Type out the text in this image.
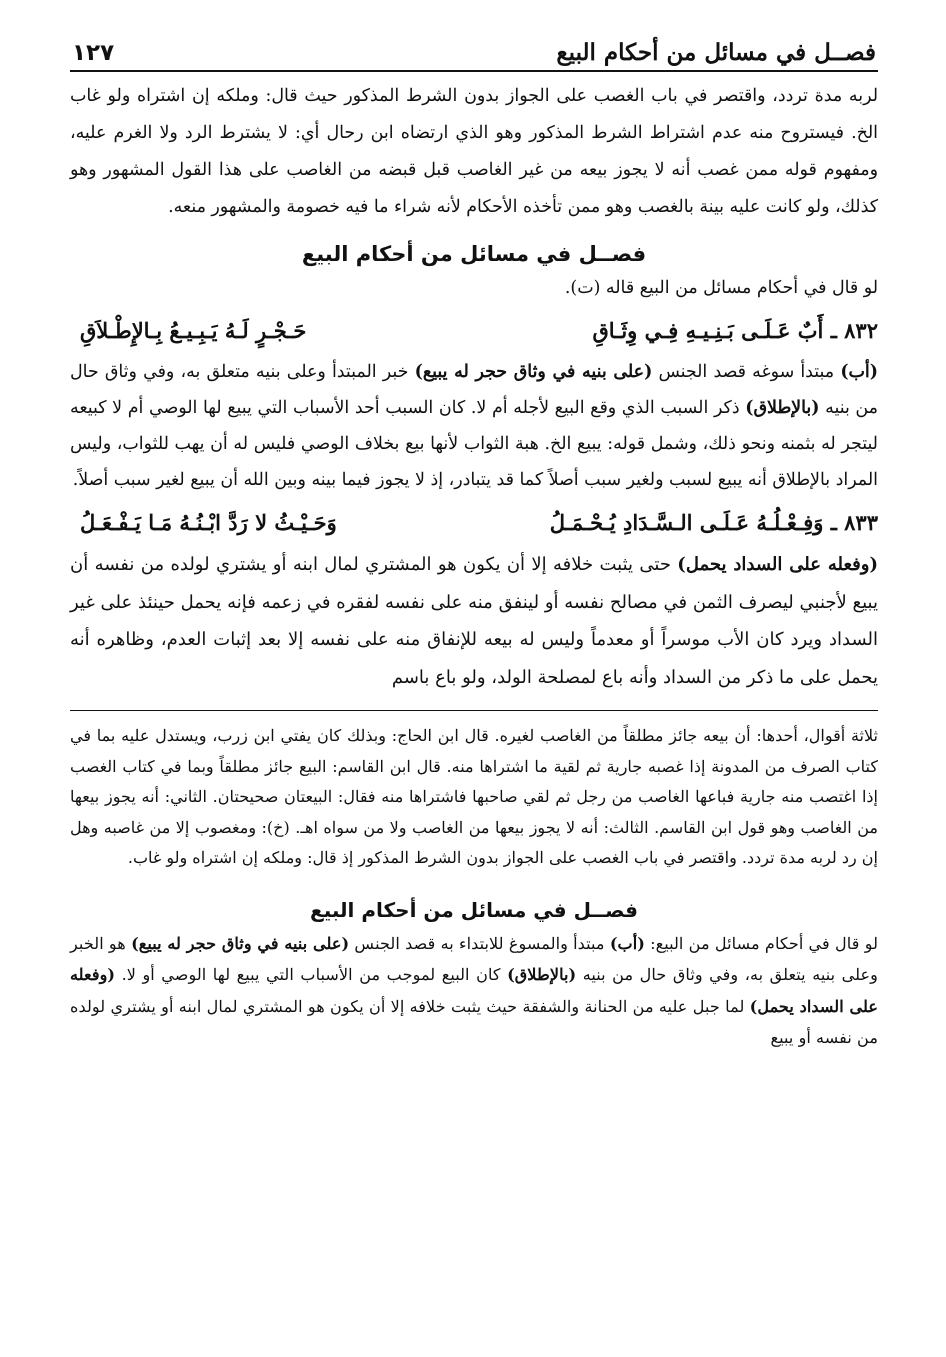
فصــل في مسائل من أحكام البيع
١٢٧

لربه مدة تردد، واقتصر في باب الغصب على الجواز بدون الشرط المذكور حيث قال: وملكه إن اشتراه ولو غاب الخ. فيستروح منه عدم اشتراط الشرط المذكور وهو الذي ارتضاه ابن رحال أي: لا يشترط الرد ولا الغرم عليه، ومفهوم قوله ممن غصب أنه لا يجوز بيعه من غير الغاصب قبل قبضه من الغاصب على هذا القول المشهور وهو كذلك، ولو كانت عليه بينة بالغصب وهو ممن تأخذه الأحكام لأنه شراء ما فيه خصومة والمشهور منعه.

فصــل في مسائل من أحكام البيع

لو قال في أحكام مسائل من البيع قاله (ت).

٨٣٢ ـ أَبٌ عَـلَـى بَـنِـيـهِ فِـي وِثَـاقِ
حَـجْـرٍ لَـهُ يَـبِـيـعُ بِـالإِطْـلاَقِ

(أب) مبتدأ سوغه قصد الجنس (على بنيه في وثاق حجر له يبيع) خبر المبتدأ وعلى بنيه متعلق به، وفي وثاق حال من بنيه (بالإطلاق) ذكر السبب الذي وقع البيع لأجله أم لا. كان السبب أحد الأسباب التي يبيع لها الوصي أم لا كبيعه ليتجر له بثمنه ونحو ذلك، وشمل قوله: يبيع الخ. هبة الثواب لأنها بيع بخلاف الوصي فليس له أن يهب للثواب، وليس المراد بالإطلاق أنه يبيع لسبب ولغير سبب أصلاً كما قد يتبادر، إذ لا يجوز فيما بينه وبين الله أن يبيع لغير سبب أصلاً.

٨٣٣ ـ وَفِـعْـلُـهُ عَـلَـى الـسَّـدَادِ يُـحْـمَـلُ
وَحَـيْـثُ لا رَدَّ ابْـنُـهُ مَـا يَـفْـعَـلُ

(وفعله على السداد يحمل) حتى يثبت خلافه إلا أن يكون هو المشتري لمال ابنه أو يشتري لولده من نفسه أن يبيع لأجنبي ليصرف الثمن في مصالح نفسه أو لينفق منه على نفسه لفقره في زعمه فإنه يحمل حينئذ على غير السداد ويرد كان الأب موسراً أو معدماً وليس له بيعه للإنفاق منه على نفسه إلا بعد إثبات العدم، وظاهره أنه يحمل على ما ذكر من السداد وأنه باع لمصلحة الولد، ولو باع باسم

ثلاثة أقوال، أحدها: أن بيعه جائز مطلقاً من الغاصب لغيره. قال ابن الحاج: وبذلك كان يفتي ابن زرب، ويستدل عليه بما في كتاب الصرف من المدونة إذا غصبه جارية ثم لقية ما اشتراها منه. قال ابن القاسم: البيع جائز مطلقاً وبما في كتاب الغصب إذا اغتصب منه جارية فباعها الغاصب من رجل ثم لقي صاحبها فاشتراها منه فقال: البيعتان صحيحتان. الثاني: أنه يجوز بيعها من الغاصب وهو قول ابن القاسم. الثالث: أنه لا يجوز بيعها من الغاصب ولا من سواه اهـ. (خ): ومغصوب إلا من غاصبه وهل إن رد لربه مدة تردد. واقتصر في باب الغصب على الجواز بدون الشرط المذكور إذ قال: وملكه إن اشتراه ولو غاب.

فصــل في مسائل من أحكام البيع

لو قال في أحكام مسائل من البيع: (أب) مبتدأ والمسوغ للابتداء به قصد الجنس (على بنيه في وثاق حجر له يبيع) هو الخبر وعلى بنيه يتعلق به، وفي وثاق حال من بنيه (بالإطلاق) كان البيع لموجب من الأسباب التي يبيع لها الوصي أو لا. (وفعله على السداد يحمل) لما جبل عليه من الحنانة والشفقة حيث يثبت خلافه إلا أن يكون هو المشتري لمال ابنه أو يشتري لولده من نفسه أو يبيع
